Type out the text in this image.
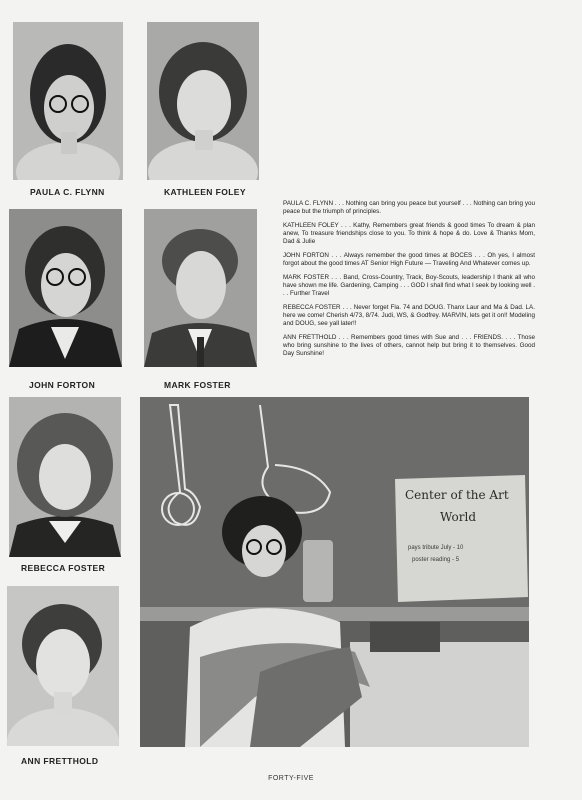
PAULA C. FLYNN	KATHLEEN FOLEY
JOHN FORTON	MARK FOSTER
REBECCA FOSTER
ANN FRETTHOLD

PAULA C. FLYNN . . . Nothing can bring you peace but yourself . . . Nothing can bring you peace but the triumph of principles.

KATHLEEN FOLEY . . . Kathy, Remembers great friends & good times To dream & plan anew, To treasure friendships close to you. To think & hope & do. Love & Thanks Mom, Dad & Julie

JOHN FORTON . . . Always remember the good times at BOCES . . . Oh yes, I almost forgot about the good times AT Senior High Future — Traveling And Whatever comes up.

MARK FOSTER . . . Band, Cross-Country, Track, Boy-Scouts, leadership I thank all who have shown me life. Gardening, Camping . . . GOD I shall find what I seek by looking well . . . Further Travel

REBECCA FOSTER . . . Never forget Fla. 74 and DOUG. Thanx Laur and Ma & Dad. LA. here we come! Cherish 4/73, 8/74. Judi, WS, & Godfrey. MARVIN, lets get it on!! Modeling and DOUG, see yall later!!

ANN FRETTHOLD . . . Remembers good times with Sue and . . . FRIENDS. . . . Those who bring sunshine to the lives of others, cannot help but bring it to themselves. Good Day Sunshine!

Center of the Art
World
pays tribute July - 10
poster reading - 5
FORTY-FIVE
